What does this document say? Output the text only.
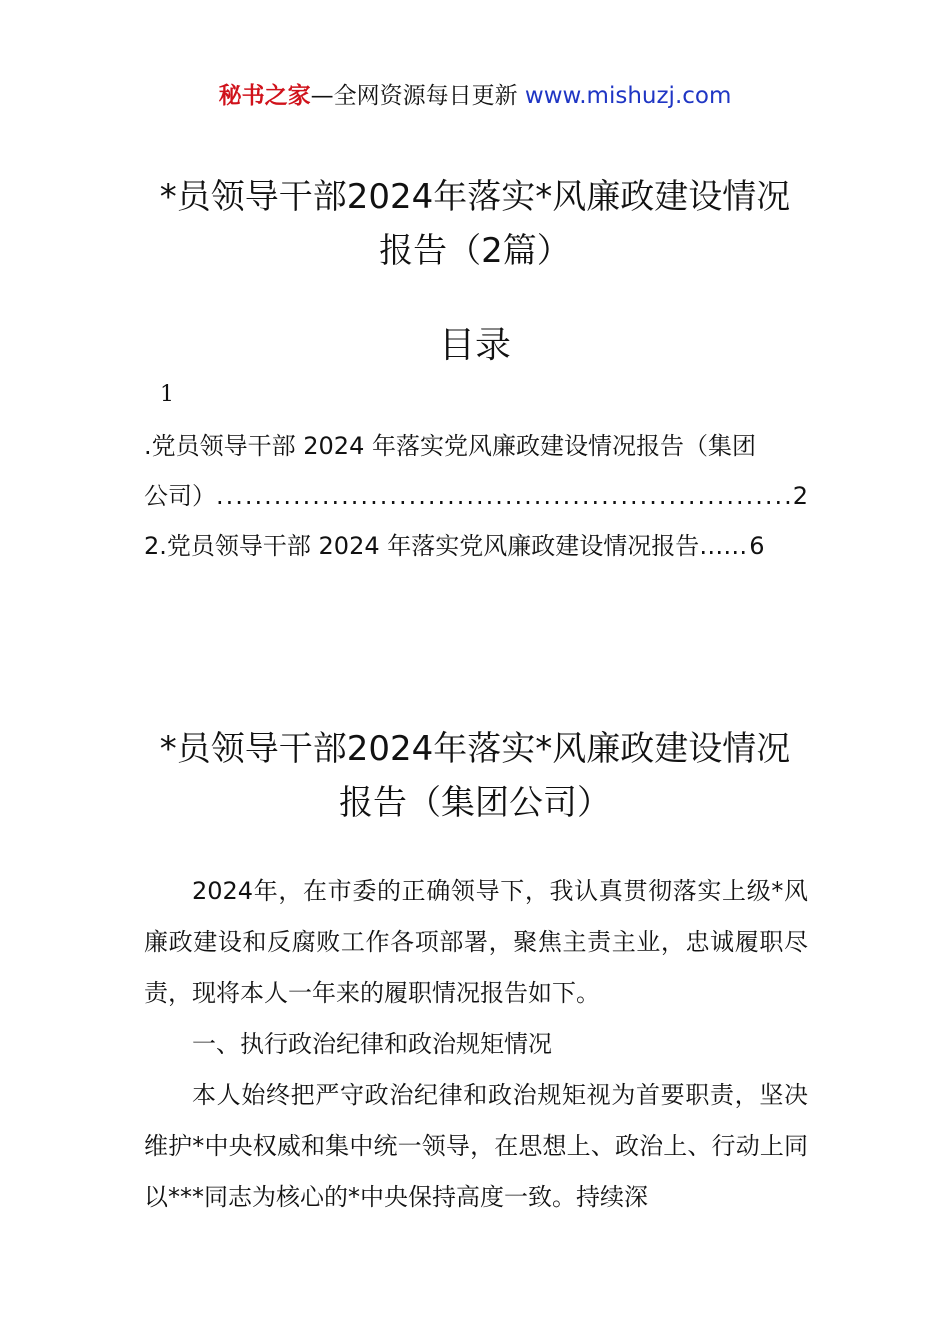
秘书之家—全网资源每日更新 www.mishuzj.com
*员领导干部2024年落实*风廉政建设情况
报告（2篇）
目录
1
.党员领导干部 2024 年落实党风廉政建设情况报告（集团
公司）
.....	2
2.党员领导干部 2024 年落实党风廉政建设情况报告 …… 6
*员领导干部2024年落实*风廉政建设情况
报告（集团公司）

2024年，在市委的正确领导下，我认真贯彻落实上级*风廉政建设和反腐败工作各项部署，聚焦主责主业，忠诚履职尽责，现将本人一年来的履职情况报告如下。

一、执行政治纪律和政治规矩情况

本人始终把严守政治纪律和政治规矩视为首要职责，坚决维护*中央权威和集中统一领导，在思想上、政治上、行动上同以***同志为核心的*中央保持高度一致。持续深
